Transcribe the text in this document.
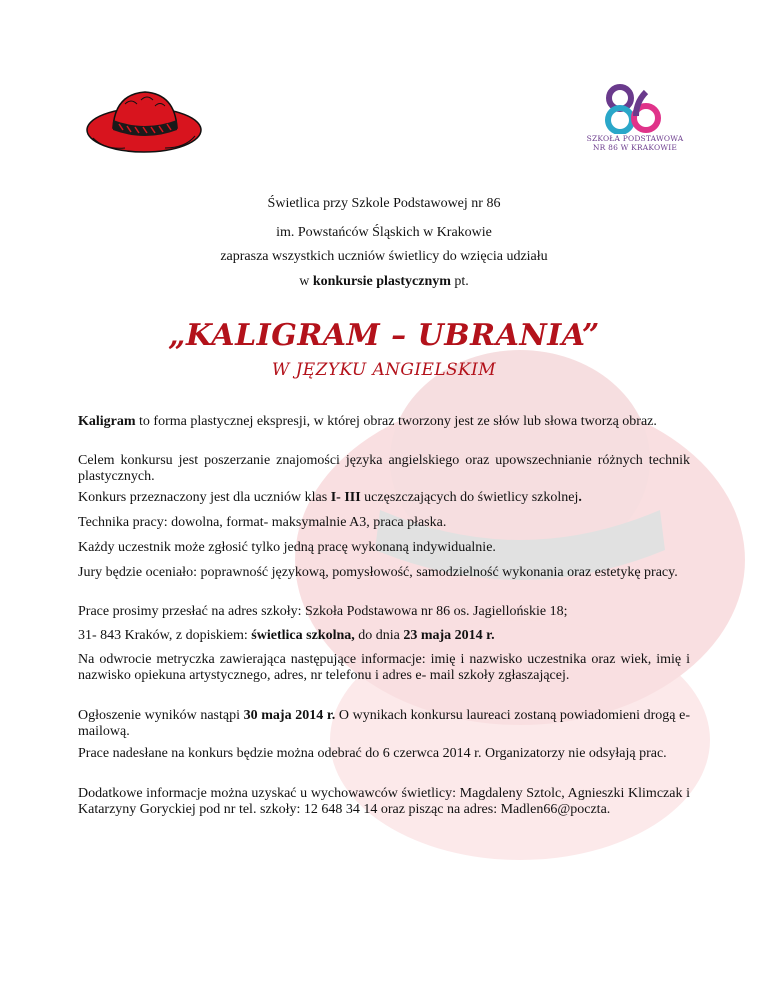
SZKOŁA PODSTAWOWA
NR 86 W KRAKOWIE
Świetlica przy Szkole Podstawowej nr 86
im. Powstańców Śląskich w Krakowie
zaprasza wszystkich uczniów świetlicy do wzięcia udziału
w konkursie plastycznym pt.
„KALIGRAM – UBRANIA”
W JĘZYKU ANGIELSKIM
Kaligram to forma plastycznej ekspresji, w której obraz tworzony jest ze słów lub słowa tworzą obraz.
Celem konkursu jest poszerzanie znajomości języka angielskiego oraz upowszechnianie różnych technik plastycznych.
Konkurs przeznaczony jest dla uczniów klas I- III uczęszczających do świetlicy szkolnej.
Technika pracy: dowolna, format- maksymalnie A3, praca płaska.
Każdy uczestnik może zgłosić tylko jedną pracę wykonaną indywidualnie.
Jury będzie oceniało: poprawność językową, pomysłowość, samodzielność wykonania oraz estetykę pracy.
Prace prosimy przesłać na adres szkoły: Szkoła Podstawowa nr 86 os. Jagiellońskie 18;
31- 843 Kraków, z dopiskiem: świetlica szkolna, do dnia 23 maja 2014 r.
Na odwrocie metryczka zawierająca następujące informacje: imię i nazwisko uczestnika oraz wiek, imię i nazwisko opiekuna artystycznego, adres, nr telefonu i adres e- mail szkoły zgłaszającej.
Ogłoszenie wyników nastąpi 30 maja 2014 r. O wynikach konkursu laureaci zostaną powiadomieni drogą e- mailową.
Prace nadesłane na konkurs będzie można odebrać do 6 czerwca 2014 r. Organizatorzy nie odsyłają prac.
Dodatkowe informacje można uzyskać u wychowawców świetlicy: Magdaleny Sztolc, Agnieszki Klimczak i Katarzyny Goryckiej pod nr tel. szkoły: 12 648 34 14 oraz pisząc na adres: Madlen66@poczta.
